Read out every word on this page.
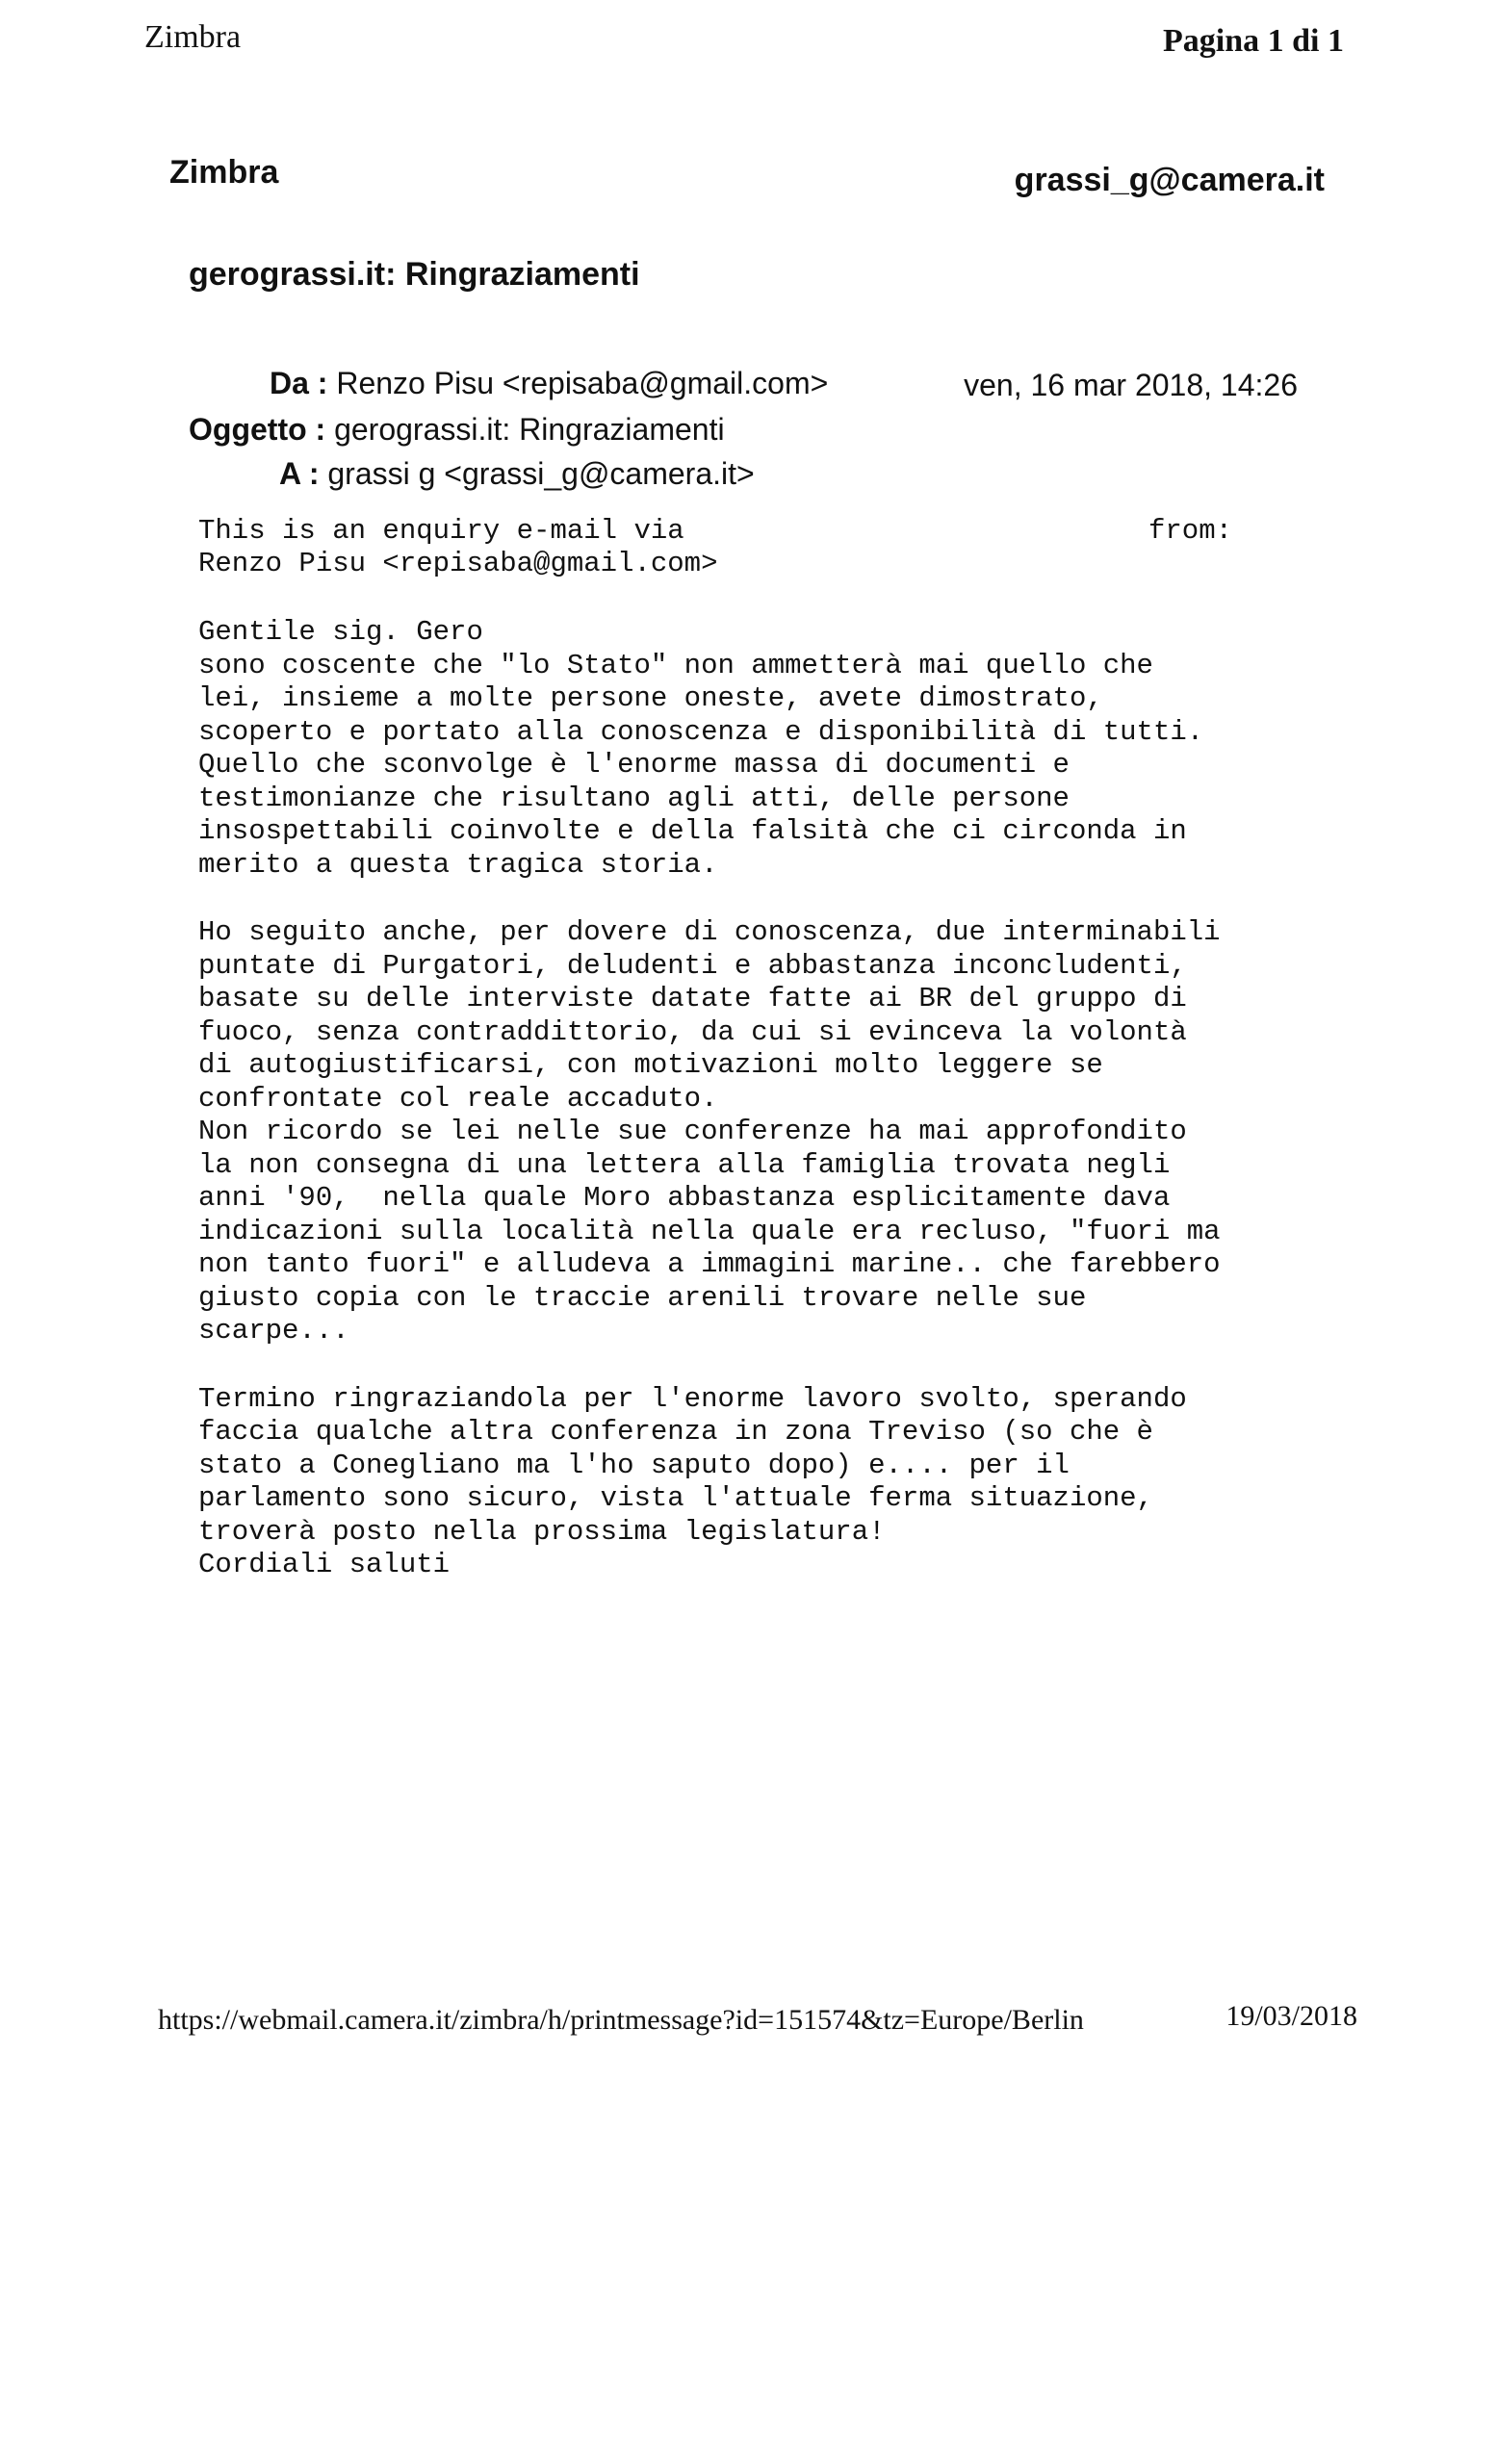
Zimbra	Pagina 1 di 1
Zimbra	grassi_g@camera.it
gerograssi.it: Ringraziamenti
Da : Renzo Pisu <repisaba@gmail.com>	ven, 16 mar 2018, 14:26
Oggetto : gerograssi.it: Ringraziamenti
A : grassi g <grassi_g@camera.it>
This is an enquiry e-mail via	from:
Renzo Pisu <repisaba@gmail.com>

Gentile sig. Gero

sono coscente che "lo Stato" non ammetterà mai quello che

lei, insieme a molte persone oneste, avete dimostrato,

scoperto e portato alla conoscenza e disponibilità di tutti.

Quello che sconvolge è l'enorme massa di documenti e

testimonianze che risultano agli atti, delle persone

insospettabili coinvolte e della falsità che ci circonda in

merito a questa tragica storia.

Ho seguito anche, per dovere di conoscenza, due interminabili

puntate di Purgatori, deludenti e abbastanza inconcludenti,

basate su delle interviste datate fatte ai BR del gruppo di

fuoco, senza contraddittorio, da cui si evinceva la volontà

di autogiustificarsi, con motivazioni molto leggere se

confrontate col reale accaduto.

Non ricordo se lei nelle sue conferenze ha mai approfondito

la non consegna di una lettera alla famiglia trovata negli

anni '90,  nella quale Moro abbastanza esplicitamente dava

indicazioni sulla località nella quale era recluso, "fuori ma

non tanto fuori" e alludeva a immagini marine.. che farebbero

giusto copia con le traccie arenili trovare nelle sue

scarpe...

Termino ringraziandola per l'enorme lavoro svolto, sperando

faccia qualche altra conferenza in zona Treviso (so che è

stato a Conegliano ma l'ho saputo dopo) e.... per il

parlamento sono sicuro, vista l'attuale ferma situazione,

troverà posto nella prossima legislatura!

Cordiali saluti

https://webmail.camera.it/zimbra/h/printmessage?id=151574&tz=Europe/Berlin	19/03/2018
